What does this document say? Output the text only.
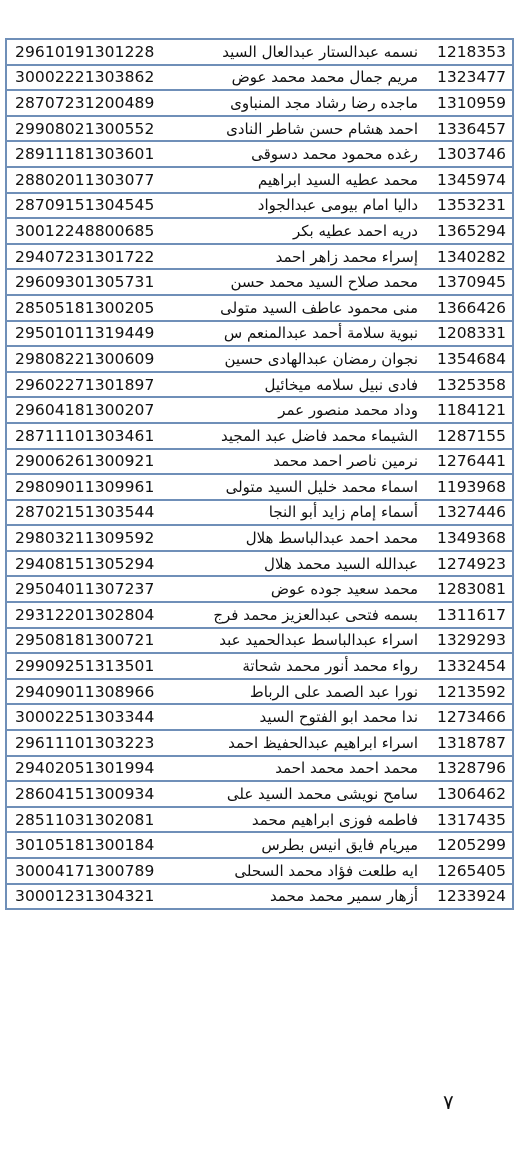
29610191301228	نسمه عبدالستار عبدالعال السيد	1218353
30002221303862	مريم جمال محمد محمد عوض	1323477
28707231200489	ماجده رضا رشاد مجد المنباوى	1310959
29908021300552	احمد هشام حسن شاطر النادى	1336457
28911181303601	رغده محمود محمد دسوقى	1303746
28802011303077	محمد عطيه السيد ابراهيم	1345974
28709151304545	داليا امام بيومى عبدالجواد	1353231
30012248800685	دريه احمد عطيه بكر	1365294
29407231301722	إسراء محمد زاهر احمد	1340282
29609301305731	محمد صلاح السيد محمد حسن	1370945
28505181300205	منى محمود عاطف السيد متولى	1366426
29501011319449	نبوية سلامة أحمد عبدالمنعم س	1208331
29808221300609	نجوان رمضان عبدالهادى حسين	1354684
29602271301897	فادى نبيل سلامه ميخائيل	1325358
29604181300207	وداد محمد منصور عمر	1184121
28711101303461	الشيماء محمد فاضل عبد المجيد	1287155
29006261300921	نرمين ناصر احمد محمد	1276441
29809011309961	اسماء محمد خليل السيد متولى	1193968
28702151303544	أسماء إمام زايد أبو النجا	1327446
29803211309592	محمد احمد عبدالباسط هلال	1349368
29408151305294	عبدالله السيد محمد هلال	1274923
29504011307237	محمد سعيد جوده عوض	1283081
29312201302804	بسمه فتحى عبدالعزيز محمد فرج	1311617
29508181300721	اسراء عبدالباسط عبدالحميد عبد	1329293
29909251313501	رواء محمد أنور محمد شحاتة	1332454
29409011308966	نورا عبد الصمد على الرباط	1213592
30002251303344	ندا محمد ابو الفتوح السيد	1273466
29611101303223	اسراء ابراهيم عبدالحفيظ احمد	1318787
29402051301994	محمد احمد محمد احمد	1328796
28604151300934	سامح نويشى محمد السيد على	1306462
28511031302081	فاطمه فوزى ابراهيم محمد	1317435
30105181300184	ميريام فايق انيس بطرس	1205299
30004171300789	ايه طلعت فؤاد محمد السحلى	1265405
30001231304321	أزهار سمير محمد محمد	1233924
٧
